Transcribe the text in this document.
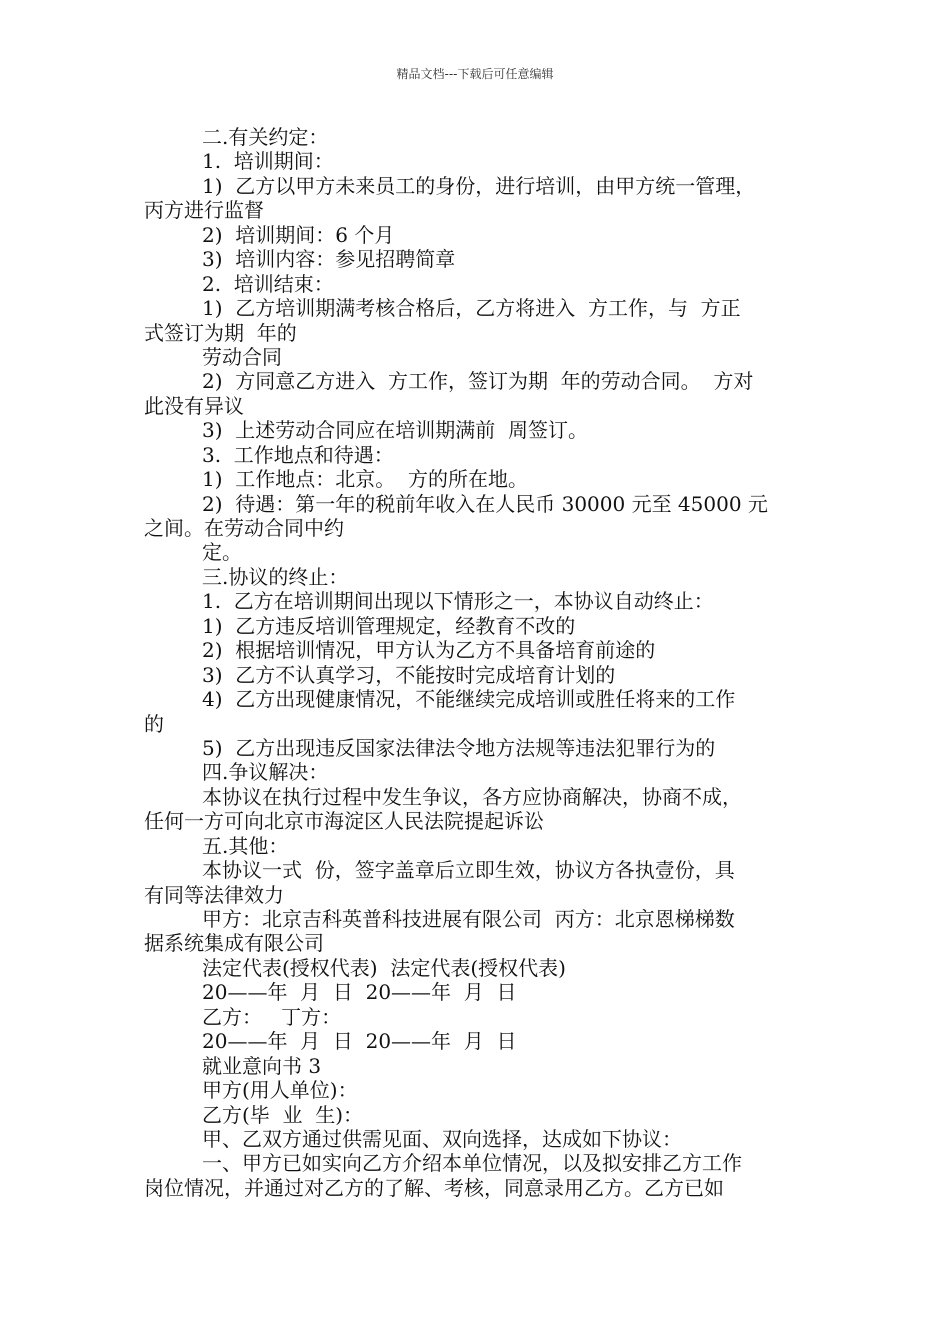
精品文档---下载后可任意编辑
二.有关约定：
1.  培训期间：
1)  乙方以甲方未来员工的身份，进行培训，由甲方统一管理，
丙方进行监督
2)  培训期间：6 个月
3)  培训内容：参见招聘简章
2.  培训结束：
1)  乙方培训期满考核合格后，乙方将进入  方工作，与  方正
式签订为期  年的
劳动合同
2)  方同意乙方进入  方工作，签订为期  年的劳动合同。  方对
此没有异议
3)  上述劳动合同应在培训期满前  周签订。
3.  工作地点和待遇：
1)  工作地点：北京。  方的所在地。
2)  待遇：第一年的税前年收入在人民币 30000 元至 45000 元
之间。在劳动合同中约
定。
三.协议的终止：
1.  乙方在培训期间出现以下情形之一，本协议自动终止：
1)  乙方违反培训管理规定，经教育不改的
2)  根据培训情况，甲方认为乙方不具备培育前途的
3)  乙方不认真学习，不能按时完成培育计划的
4)  乙方出现健康情况，不能继续完成培训或胜任将来的工作
的
5)  乙方出现违反国家法律法令地方法规等违法犯罪行为的
四.争议解决：
本协议在执行过程中发生争议，各方应协商解决，协商不成，
任何一方可向北京市海淀区人民法院提起诉讼
五.其他：
本协议一式  份，签字盖章后立即生效，协议方各执壹份，具
有同等法律效力
甲方：北京吉科英普科技进展有限公司  丙方：北京恩梯梯数
据系统集成有限公司
法定代表(授权代表)  法定代表(授权代表)
20——年  月  日  20——年  月  日
乙方：   丁方：
20——年  月  日  20——年  月  日
就业意向书 3
甲方(用人单位)：
乙方(毕  业  生)：
甲、乙双方通过供需见面、双向选择，达成如下协议：
一、甲方已如实向乙方介绍本单位情况，以及拟安排乙方工作
岗位情况，并通过对乙方的了解、考核，同意录用乙方。乙方已如
